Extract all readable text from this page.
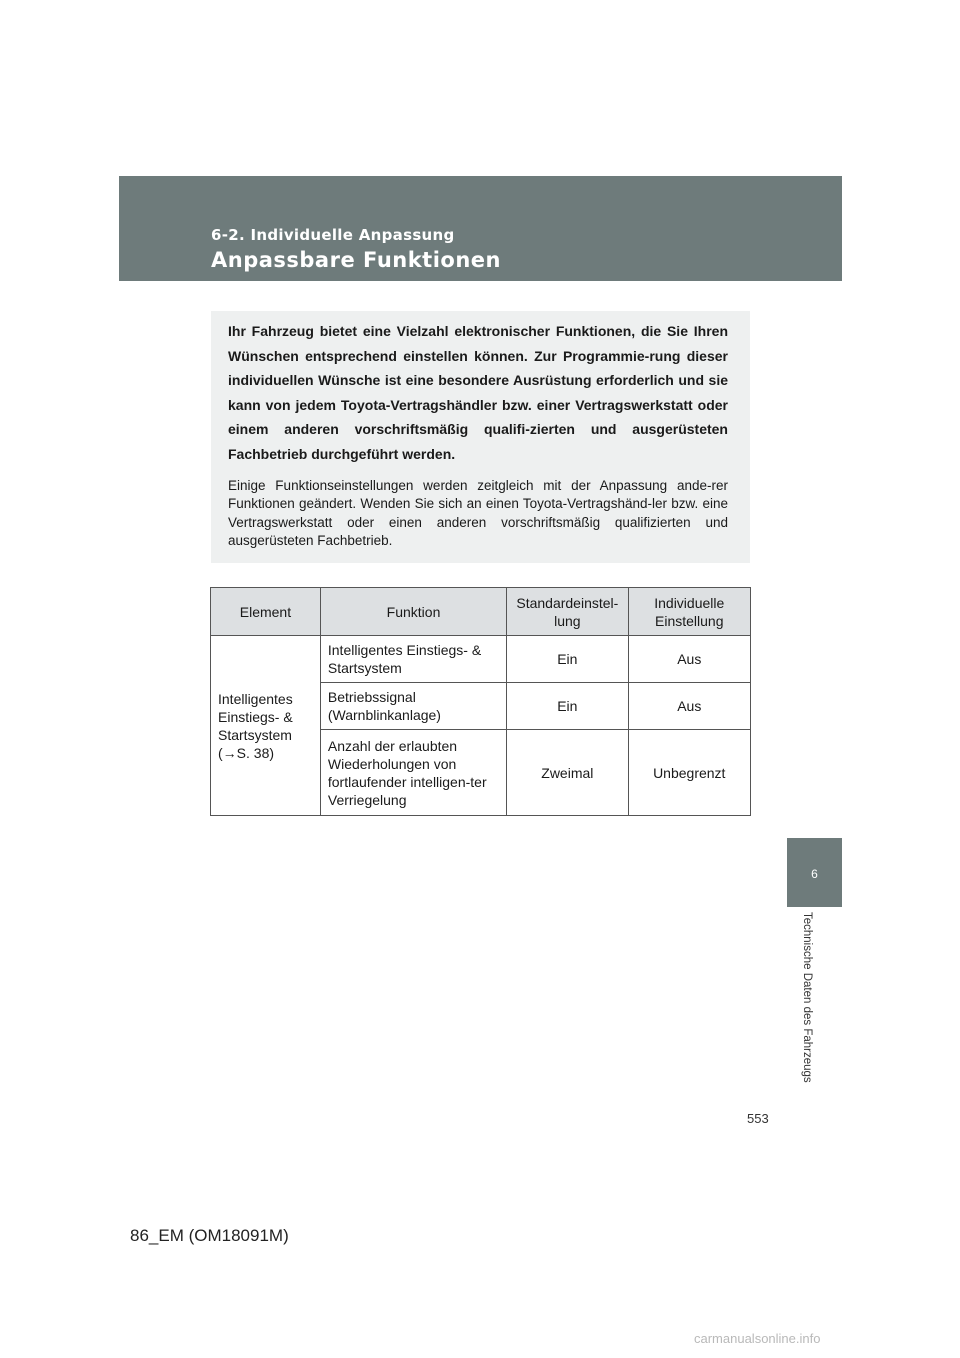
6-2. Individuelle Anpassung
Anpassbare Funktionen

Ihr Fahrzeug bietet eine Vielzahl elektronischer Funktionen, die Sie Ihren Wünschen entsprechend einstellen können. Zur Programmie-rung dieser individuellen Wünsche ist eine besondere Ausrüstung erforderlich und sie kann von jedem Toyota-Vertragshändler bzw. einer Vertragswerkstatt oder einem anderen vorschriftsmäßig qualifi-zierten und ausgerüsteten Fachbetrieb durchgeführt werden.

Einige Funktionseinstellungen werden zeitgleich mit der Anpassung ande-rer Funktionen geändert. Wenden Sie sich an einen Toyota-Vertragshänd-ler bzw. eine Vertragswerkstatt oder einen anderen vorschriftsmäßig qualifizierten und ausgerüsteten Fachbetrieb.

Element	Funktion	Standardeinstel-lung	Individuelle Einstellung
Intelligentes Einstiegs- & Startsystem (→S. 38)	Intelligentes Einstiegs- & Startsystem	Ein	Aus
	Betriebssignal (Warnblinkanlage)	Ein	Aus
	Anzahl der erlaubten Wiederholungen von fortlaufender intelligen-ter Verriegelung	Zweimal	Unbegrenzt
6
Technische Daten des Fahrzeugs
553
86_EM (OM18091M)
carmanualsonline.info
